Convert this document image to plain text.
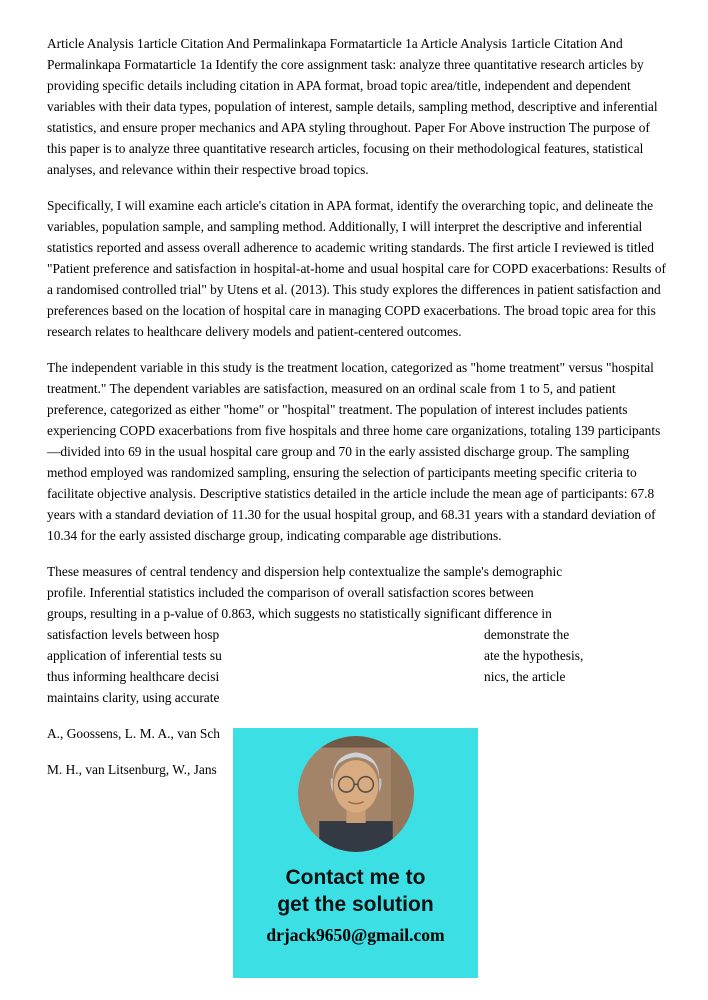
Article Analysis 1article Citation And Permalinkapa Formatarticle 1a Article Analysis 1article Citation And Permalinkapa Formatarticle 1a Identify the core assignment task: analyze three quantitative research articles by providing specific details including citation in APA format, broad topic area/title, independent and dependent variables with their data types, population of interest, sample details, sampling method, descriptive and inferential statistics, and ensure proper mechanics and APA styling throughout. Paper For Above instruction The purpose of this paper is to analyze three quantitative research articles, focusing on their methodological features, statistical analyses, and relevance within their respective broad topics.

Specifically, I will examine each article's citation in APA format, identify the overarching topic, and delineate the variables, population sample, and sampling method. Additionally, I will interpret the descriptive and inferential statistics reported and assess overall adherence to academic writing standards. The first article I reviewed is titled "Patient preference and satisfaction in hospital-at-home and usual hospital care for COPD exacerbations: Results of a randomised controlled trial" by Utens et al. (2013). This study explores the differences in patient satisfaction and preferences based on the location of hospital care in managing COPD exacerbations. The broad topic area for this research relates to healthcare delivery models and patient-centered outcomes.

The independent variable in this study is the treatment location, categorized as "home treatment" versus "hospital treatment." The dependent variables are satisfaction, measured on an ordinal scale from 1 to 5, and patient preference, categorized as either "home" or "hospital" treatment. The population of interest includes patients experiencing COPD exacerbations from five hospitals and three home care organizations, totaling 139 participants—divided into 69 in the usual hospital care group and 70 in the early assisted discharge group. The sampling method employed was randomized sampling, ensuring the selection of participants meeting specific criteria to facilitate objective analysis. Descriptive statistics detailed in the article include the mean age of participants: 67.8 years with a standard deviation of 11.30 for the usual hospital group, and 68.31 years with a standard deviation of 10.34 for the early assisted discharge group, indicating comparable age distributions.

These measures of central tendency and dispersion help contextualize the sample's demographic
profile. Inferential statistics included the comparison of overall satisfaction scores between
groups, resulting in a p-value of 0.863, which suggests no statistically significant difference in
satisfaction levels between hosp	demonstrate the
application of inferential tests su	ate the hypothesis,
thus informing healthcare decisi	nics, the article
maintains clarity, using accurate
A., Goossens, L. M. A., van Sch
M. H., van Litsenburg, W., Jans
Contact me to
get the solution
drjack9650@gmail.com
